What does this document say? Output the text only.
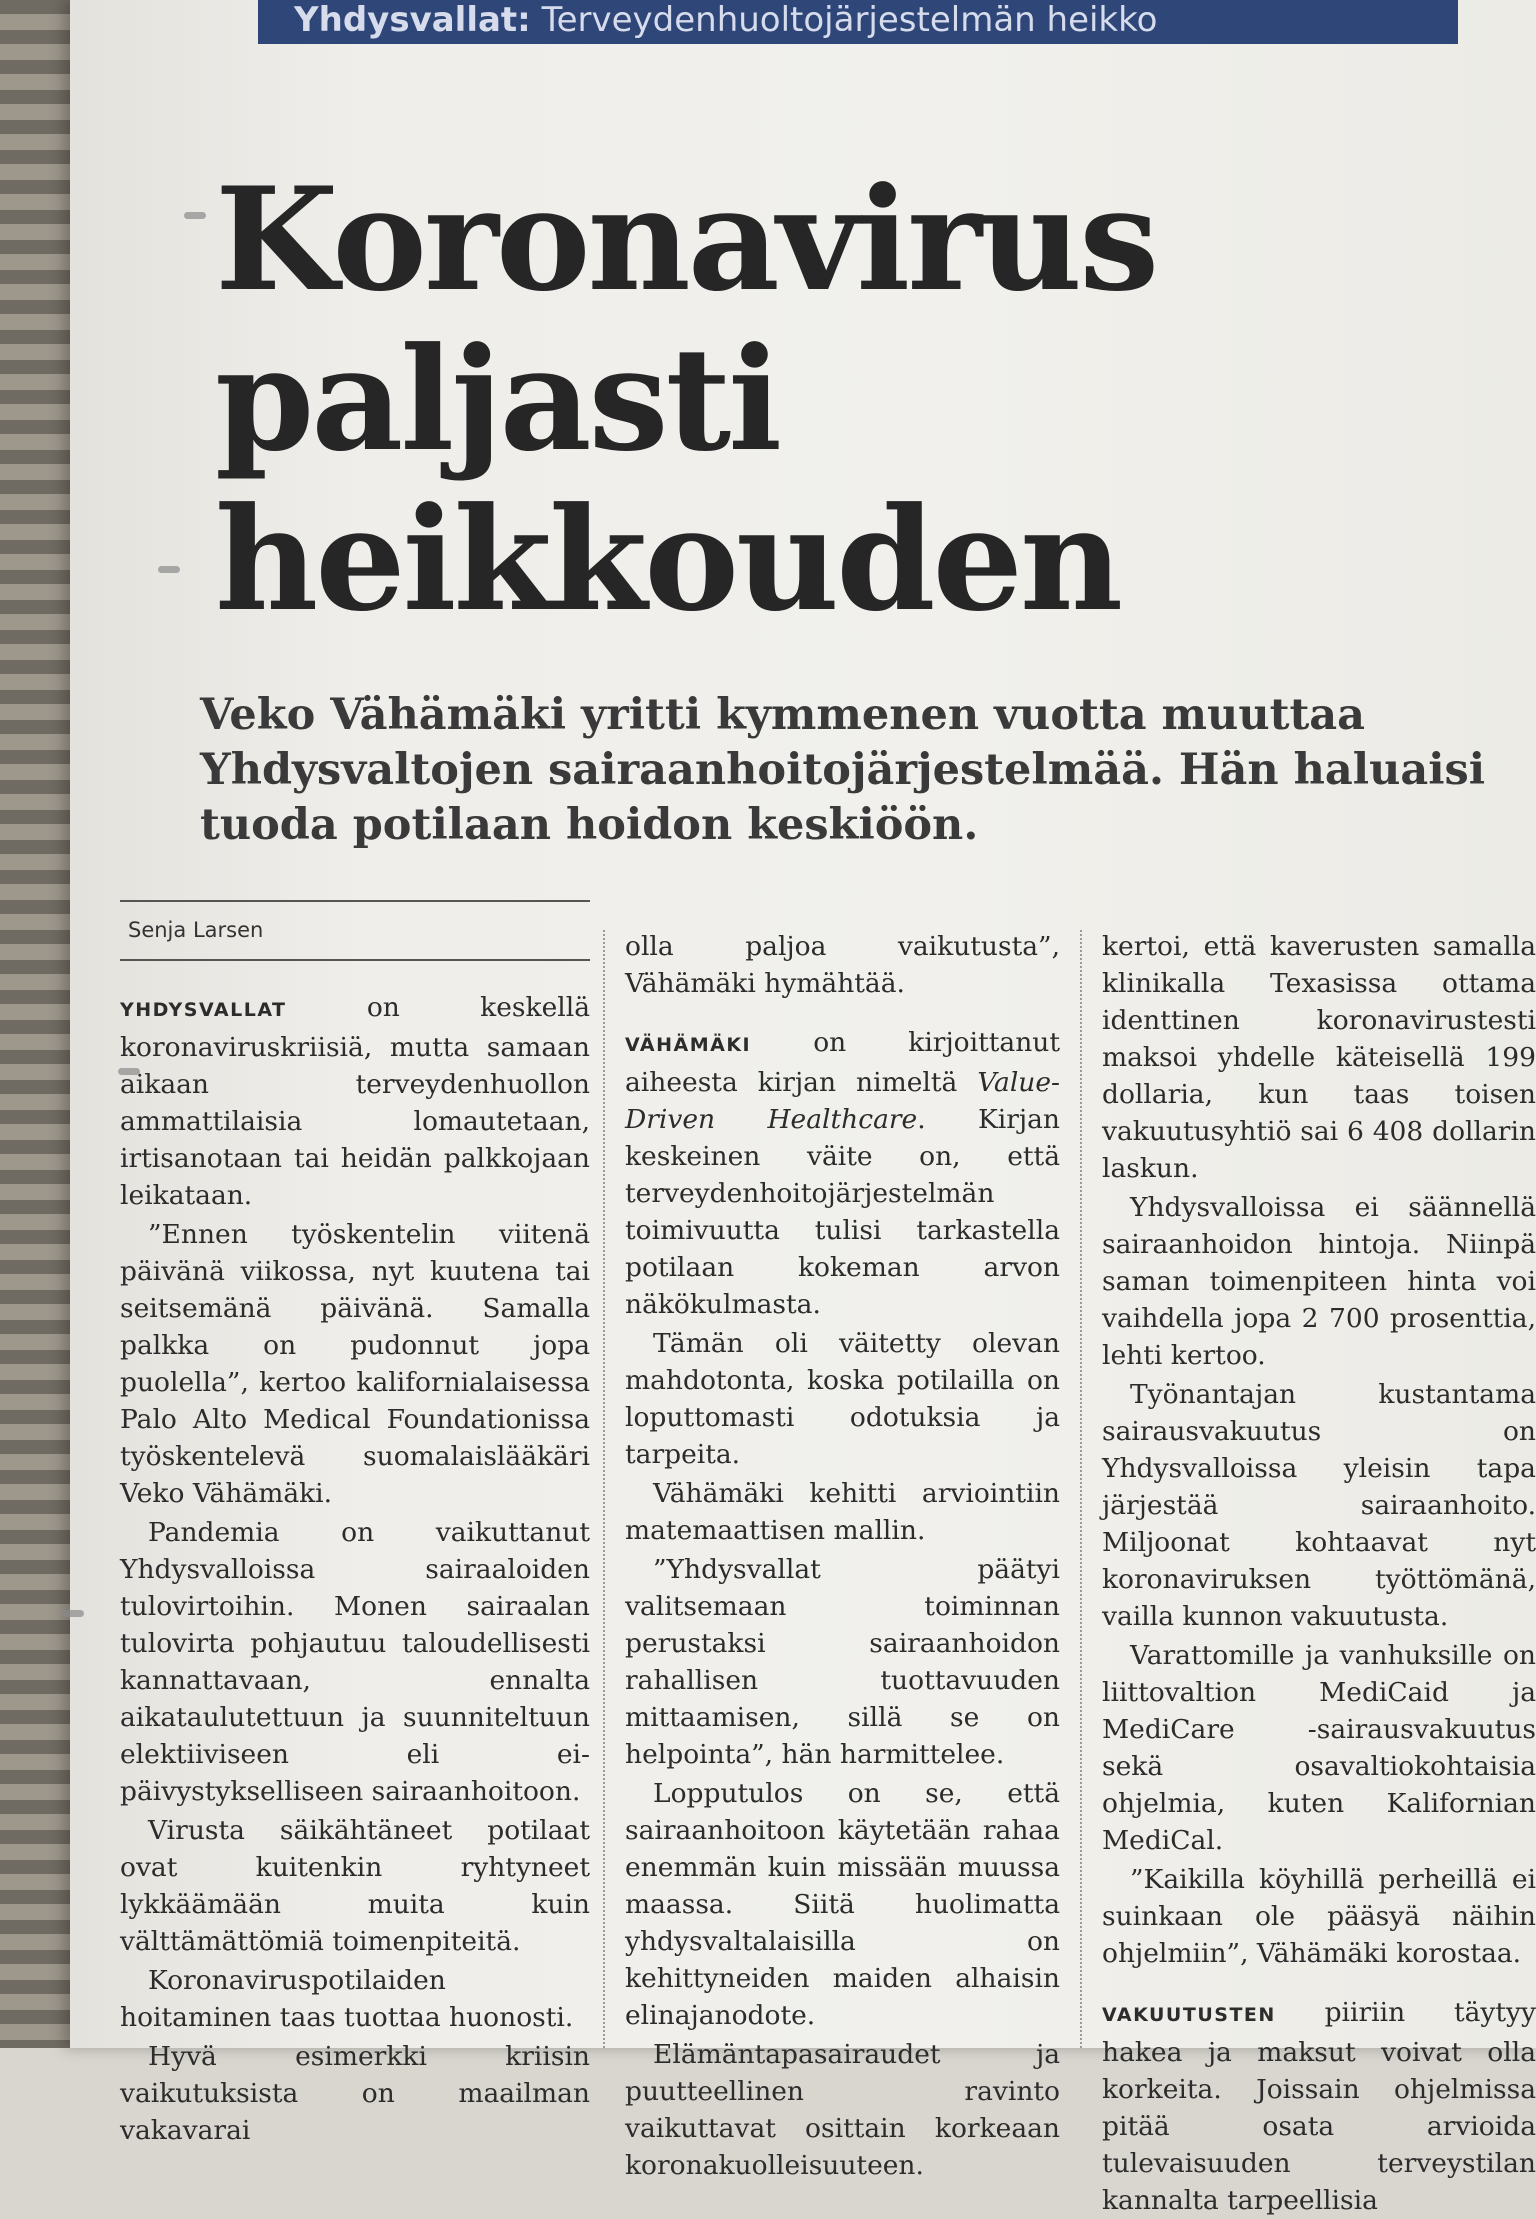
Yhdysvallat: Terveydenhuoltojärjestelmän heikko
Koronavirus
paljasti
heikkouden
Veko Vähämäki yritti kymmenen vuotta muuttaa Yhdysvaltojen sairaanhoitojärjestelmää. Hän haluaisi tuoda potilaan hoidon keskiöön.
Senja Larsen

YHDYSVALLAT on keskellä koronaviruskriisiä, mutta samaan aikaan terveydenhuollon ammattilaisia lomautetaan, irtisanotaan tai heidän palkkojaan leikataan.

”Ennen työskentelin viitenä päivänä viikossa, nyt kuutena tai seitsemänä päivänä. Samalla palkka on pudonnut jopa puolella”, kertoo kalifornialaisessa Palo Alto Medical Foundationissa työskentelevä suomalaislääkäri Veko Vähämäki.

Pandemia on vaikuttanut Yhdysvalloissa sairaaloiden tulovirtoihin. Monen sairaalan tulovirta pohjautuu taloudellisesti kannattavaan, ennalta aikataulutettuun ja suunniteltuun elektiiviseen eli ei-päivystykselliseen sairaanhoitoon.

Virusta säikähtäneet potilaat ovat kuitenkin ryhtyneet lykkäämään muita kuin välttämättömiä toimenpiteitä.

Koronaviruspotilaiden hoitaminen taas tuottaa huonosti.

Hyvä esimerkki kriisin vaikutuksista on maailman vakavarai

olla paljoa vaikutusta”, Vähämäki hymähtää.

VÄHÄMÄKI on kirjoittanut aiheesta kirjan nimeltä Value-Driven Healthcare. Kirjan keskeinen väite on, että terveydenhoitojärjestelmän toimivuutta tulisi tarkastella potilaan kokeman arvon näkökulmasta.

Tämän oli väitetty olevan mahdotonta, koska potilailla on loputtomasti odotuksia ja tarpeita.

Vähämäki kehitti arviointiin matemaattisen mallin.

”Yhdysvallat päätyi valitsemaan toiminnan perustaksi sairaanhoidon rahallisen tuottavuuden mittaamisen, sillä se on helpointa”, hän harmittelee.

Lopputulos on se, että sairaanhoitoon käytetään rahaa enemmän kuin missään muussa maassa. Siitä huolimatta yhdysvaltalaisilla on kehittyneiden maiden alhaisin elinajanodote.

Elämäntapasairaudet ja puutteellinen ravinto vaikuttavat osittain korkeaan koronakuolleisuuteen.

kertoi, että kaverusten samalla klinikalla Texasissa ottama identtinen koronavirustesti maksoi yhdelle käteisellä 199 dollaria, kun taas toisen vakuutusyhtiö sai 6 408 dollarin laskun.

Yhdysvalloissa ei säännellä sairaanhoidon hintoja. Niinpä saman toimenpiteen hinta voi vaihdella jopa 2 700 prosenttia, lehti kertoo.

Työnantajan kustantama sairausvakuutus on Yhdysvalloissa yleisin tapa järjestää sairaanhoito. Miljoonat kohtaavat nyt koronaviruksen työttömänä, vailla kunnon vakuutusta.

Varattomille ja vanhuksille on liittovaltion MediCaid ja MediCare -sairausvakuutus sekä osavaltiokohtaisia ohjelmia, kuten Kalifornian MediCal.

”Kaikilla köyhillä perheillä ei suinkaan ole pääsyä näihin ohjelmiin”, Vähämäki korostaa.

VAKUUTUSTEN piiriin täytyy hakea ja maksut voivat olla korkeita. Joissain ohjelmissa pitää osata arvioida tulevaisuuden terveystilan kannalta tarpeellisia
